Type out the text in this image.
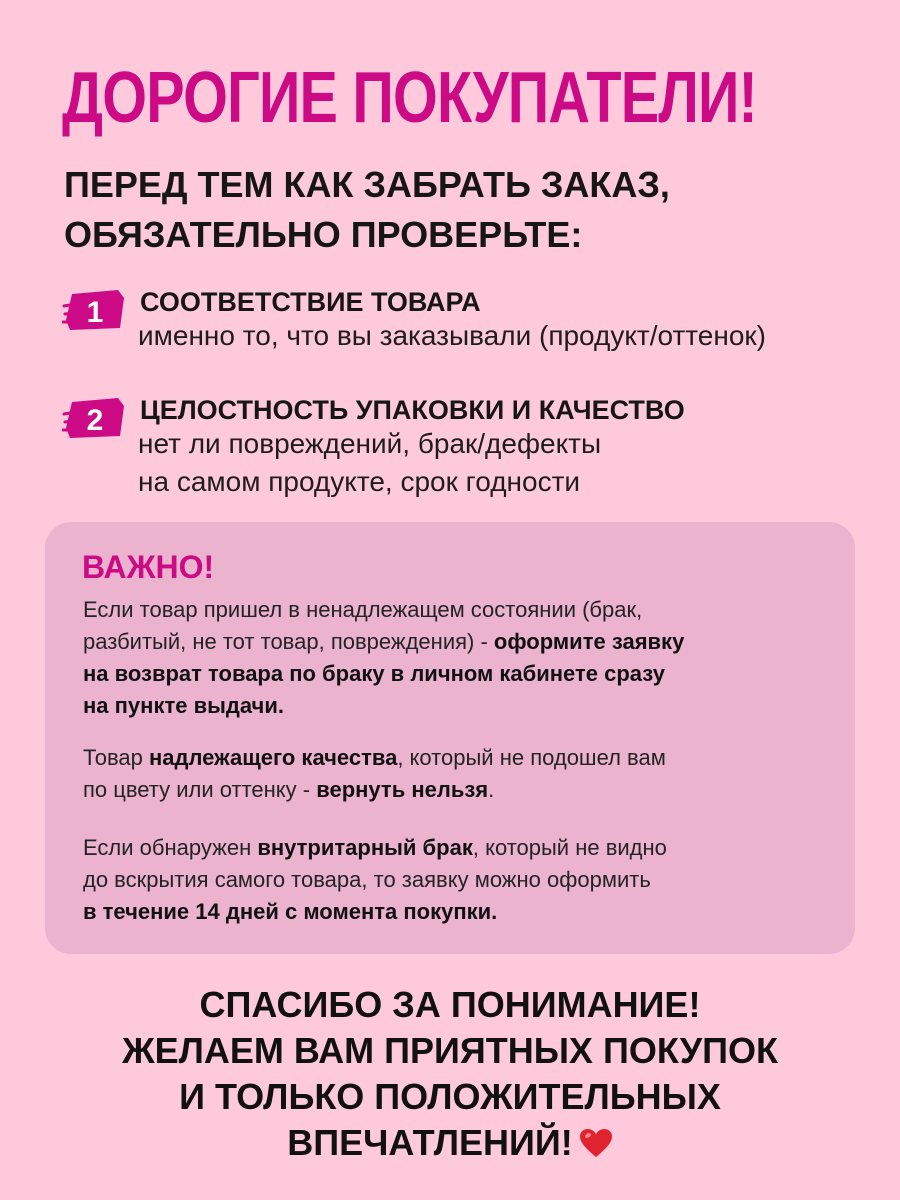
ДОРОГИЕ ПОКУПАТЕЛИ!
ПЕРЕД ТЕМ КАК ЗАБРАТЬ ЗАКАЗ,
ОБЯЗАТЕЛЬНО ПРОВЕРЬТЕ:
1 СООТВЕТСТВИЕ ТОВАРА
именно то, что вы заказывали (продукт/оттенок)
2 ЦЕЛОСТНОСТЬ УПАКОВКИ И КАЧЕСТВО
нет ли повреждений, брак/дефекты
на самом продукте, срок годности
ВАЖНО!
Если товар пришел в ненадлежащем состоянии (брак,
разбитый, не тот товар, повреждения) - оформите заявку
на возврат товара по браку в личном кабинете сразу
на пункте выдачи.
Товар надлежащего качества, который не подошел вам
по цвету или оттенку - вернуть нельзя.
Если обнаружен внутритарный брак, который не видно
до вскрытия самого товара, то заявку можно оформить
в течение 14 дней с момента покупки.
СПАСИБО ЗА ПОНИМАНИЕ!
ЖЕЛАЕМ ВАМ ПРИЯТНЫХ ПОКУПОК
И ТОЛЬКО ПОЛОЖИТЕЛЬНЫХ
ВПЕЧАТЛЕНИЙ!
